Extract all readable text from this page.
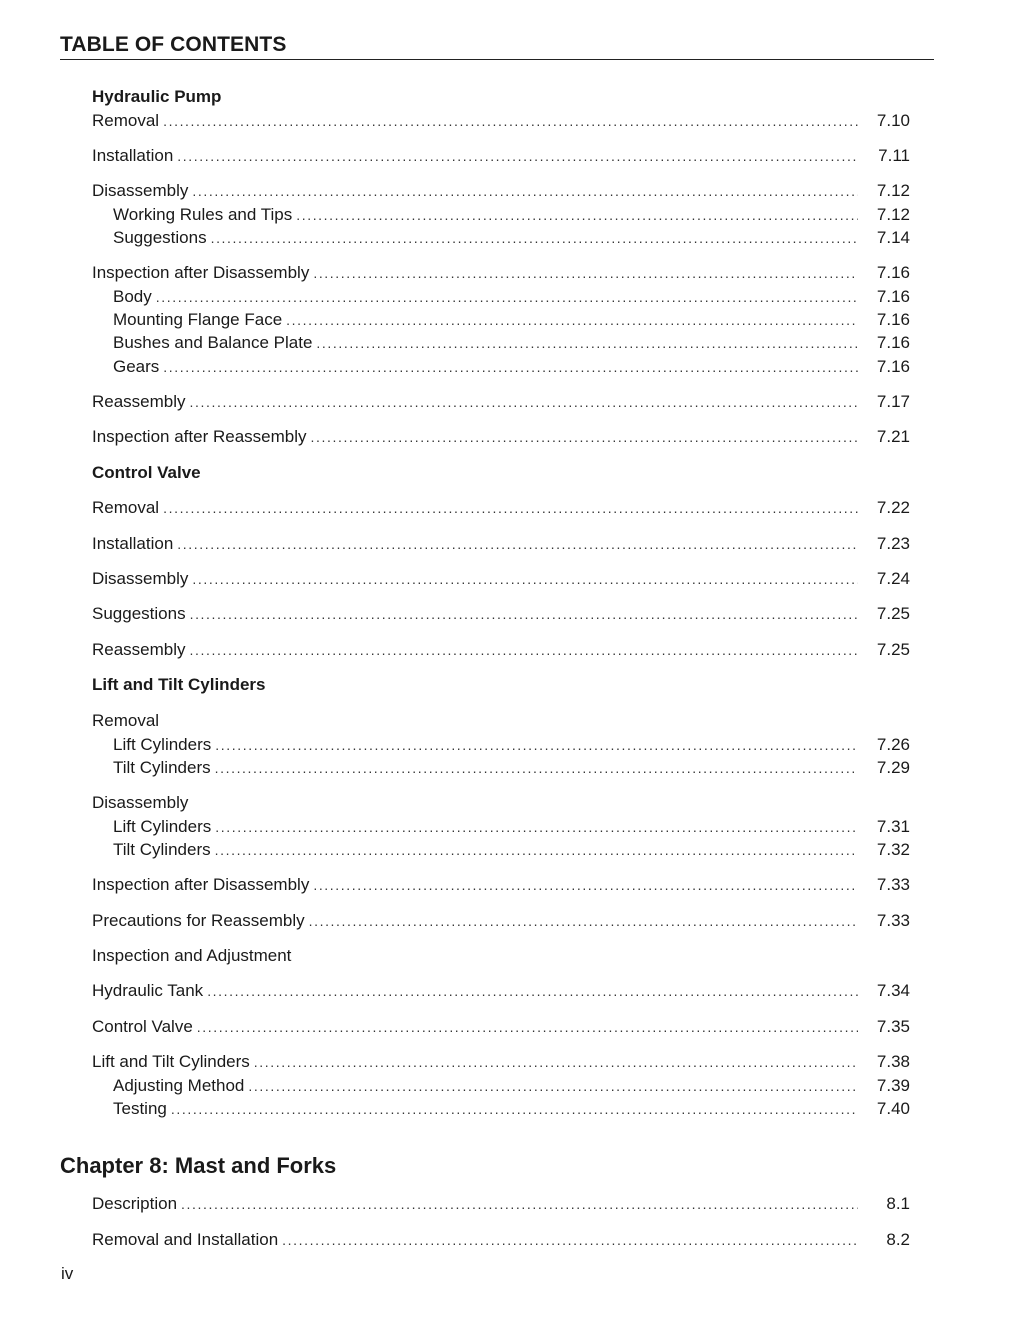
TABLE OF CONTENTS
Hydraulic Pump
Removal .....	7.10
Installation .....	7.11
Disassembly .....	7.12
Working Rules and Tips .....	7.12
Suggestions .....	7.14
Inspection after Disassembly .....	7.16
Body .....	7.16
Mounting Flange Face .....	7.16
Bushes and Balance Plate .....	7.16
Gears .....	7.16
Reassembly .....	7.17
Inspection after Reassembly .....	7.21
Control Valve
Removal .....	7.22
Installation .....	7.23
Disassembly .....	7.24
Suggestions .....	7.25
Reassembly .....	7.25
Lift and Tilt Cylinders
Removal
Lift Cylinders .....	7.26
Tilt Cylinders .....	7.29
Disassembly
Lift Cylinders .....	7.31
Tilt Cylinders .....	7.32
Inspection after Disassembly .....	7.33
Precautions for Reassembly .....	7.33
Inspection and Adjustment
Hydraulic Tank .....	7.34
Control Valve .....	7.35
Lift and Tilt Cylinders .....	7.38
Adjusting Method .....	7.39
Testing .....	7.40
Chapter 8: Mast and Forks
Description .....	8.1
Removal and Installation .....	8.2
iv
